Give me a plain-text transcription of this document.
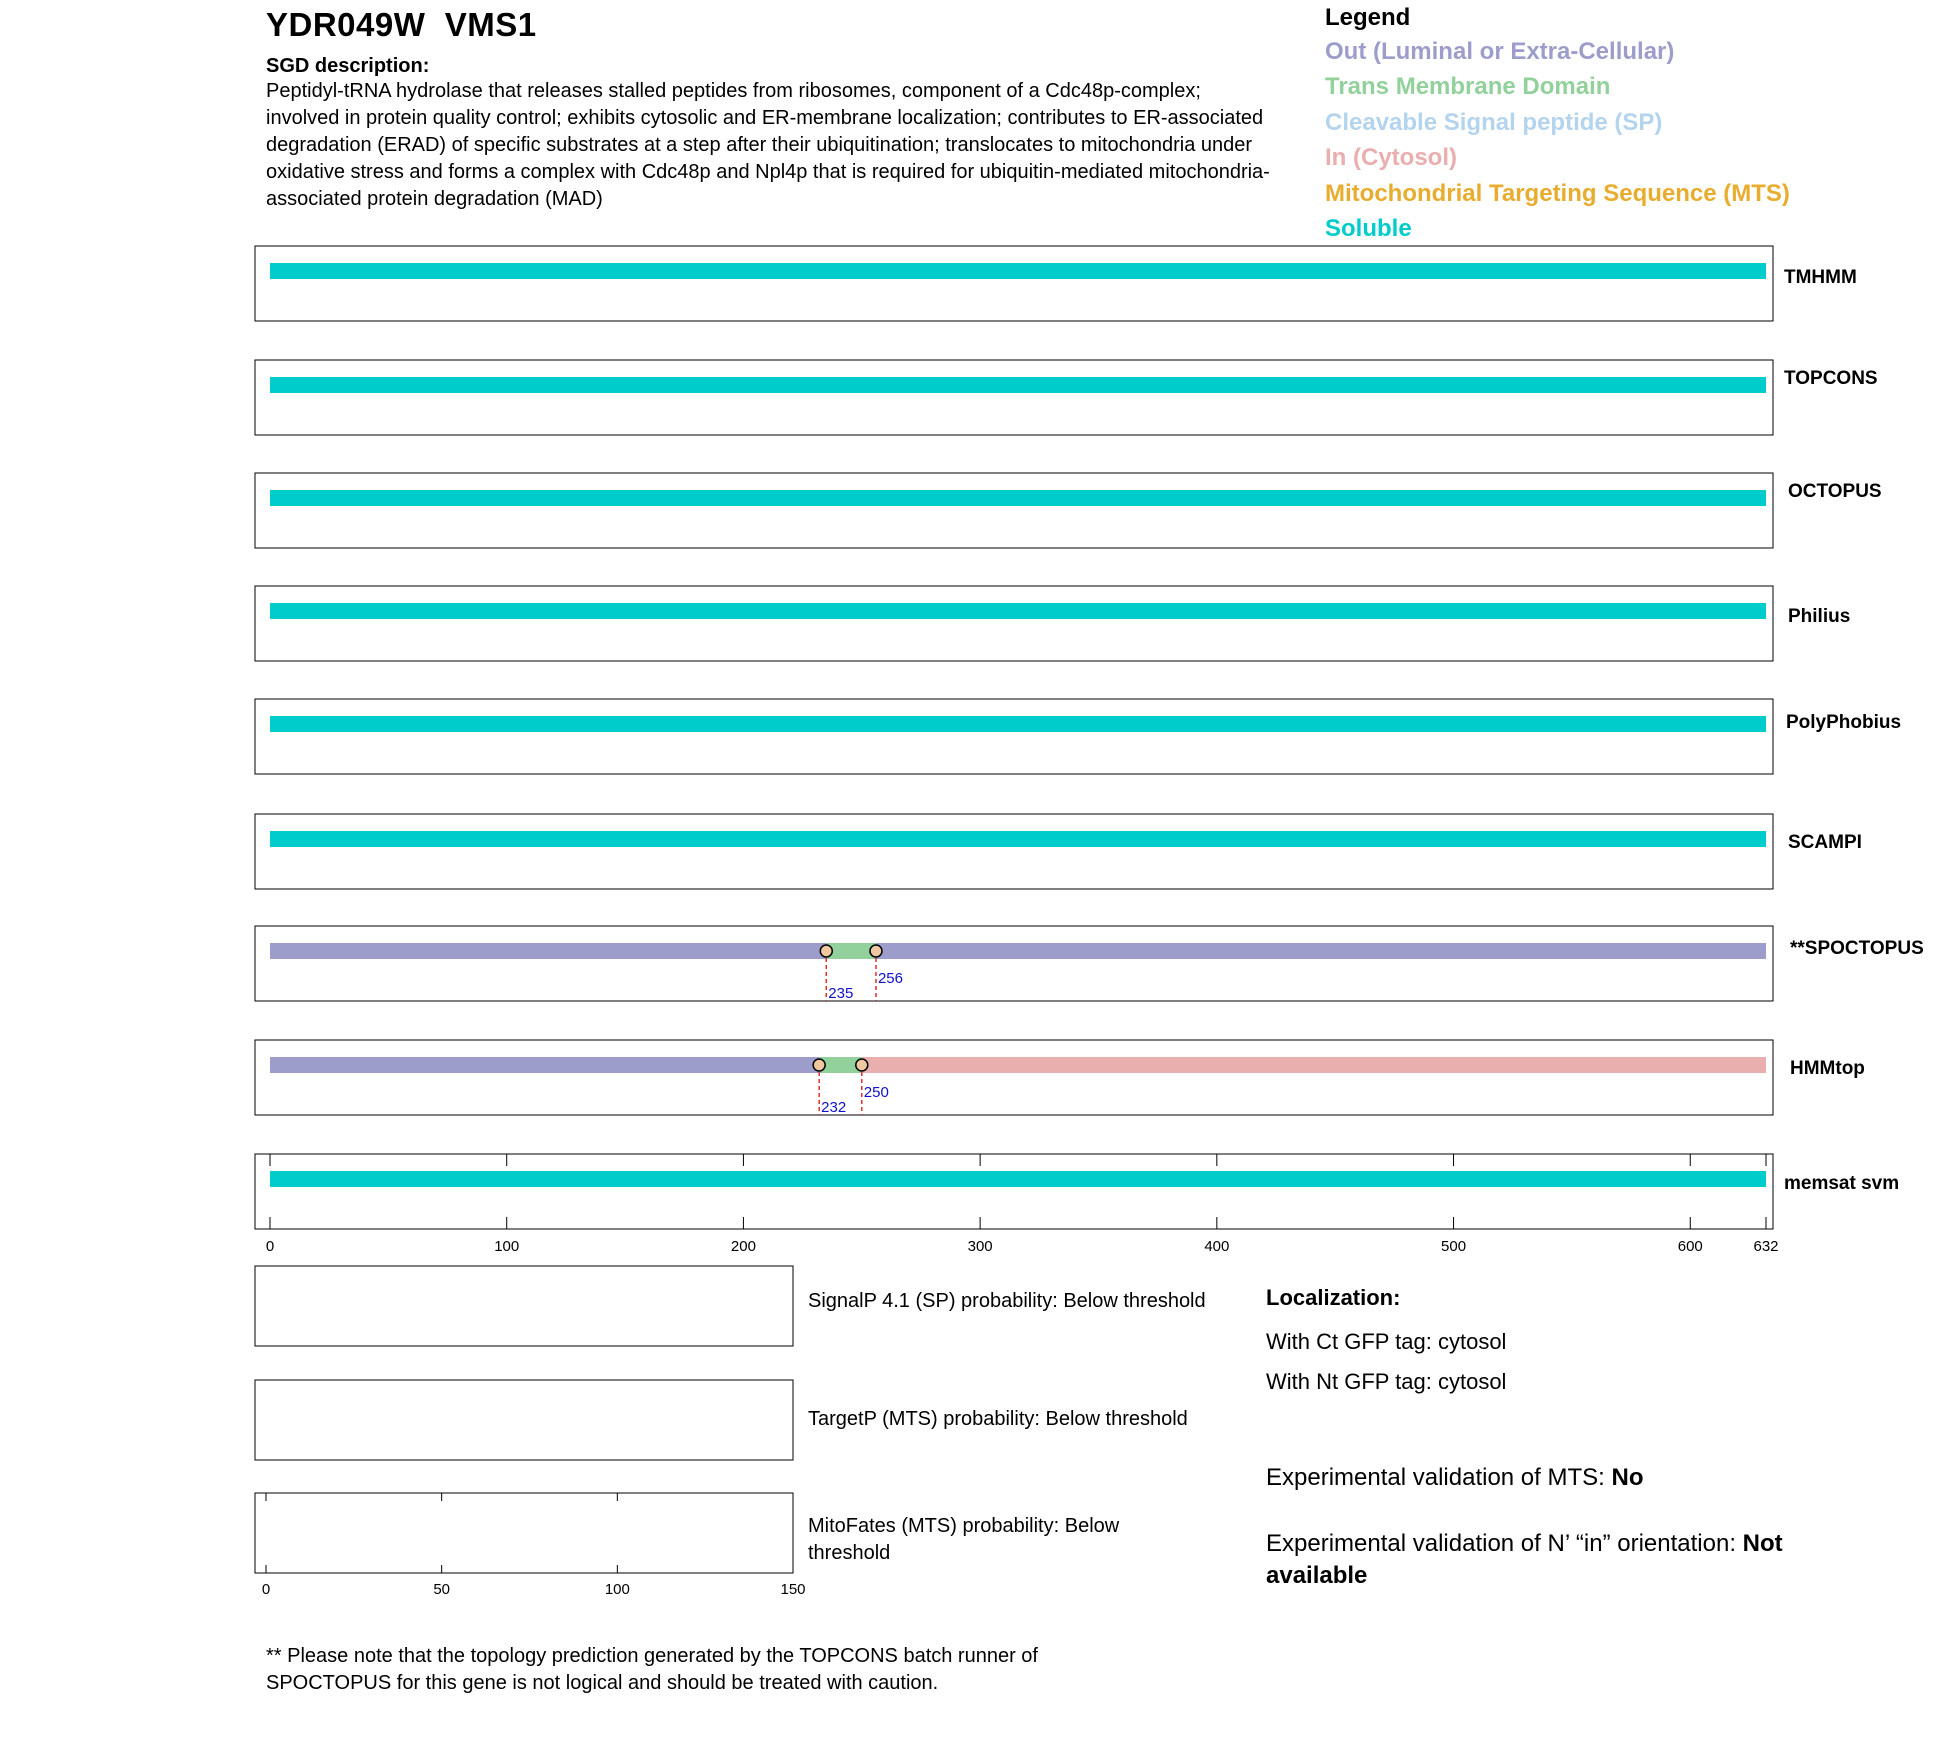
YDR049W VMS1
SGD description:
Peptidyl-tRNA hydrolase that releases stalled peptides from ribosomes, component of a Cdc48p-complex; involved in protein quality control; exhibits cytosolic and ER-membrane localization; contributes to ER-associated degradation (ERAD) of specific substrates at a step after their ubiquitination; translocates to mitochondria under oxidative stress and forms a complex with Cdc48p and Npl4p that is required for ubiquitin-mediated mitochondria-associated protein degradation (MAD)
Legend
Out (Luminal or Extra-Cellular)
Trans Membrane Domain
Cleavable Signal peptide (SP)
In (Cytosol)
Mitochondrial Targeting Sequence (MTS)
Soluble
TMHMM
TOPCONS
OCTOPUS
Philius
PolyPhobius
SCAMPI
235
256
**SPOCTOPUS
232
250
HMMtop
memsat svm
0	100	200	300	400	500	600	632
0	50	100	150
SignalP 4.1 (SP) probability: Below threshold
TargetP (MTS) probability: Below threshold
MitoFates (MTS) probability: Below threshold
Localization:
With Ct GFP tag: cytosol
With Nt GFP tag: cytosol
Experimental validation of MTS: No
Experimental validation of N’ “in” orientation: Not available
** Please note that the topology prediction generated by the TOPCONS batch runner of SPOCTOPUS for this gene is not logical and should be treated with caution.
